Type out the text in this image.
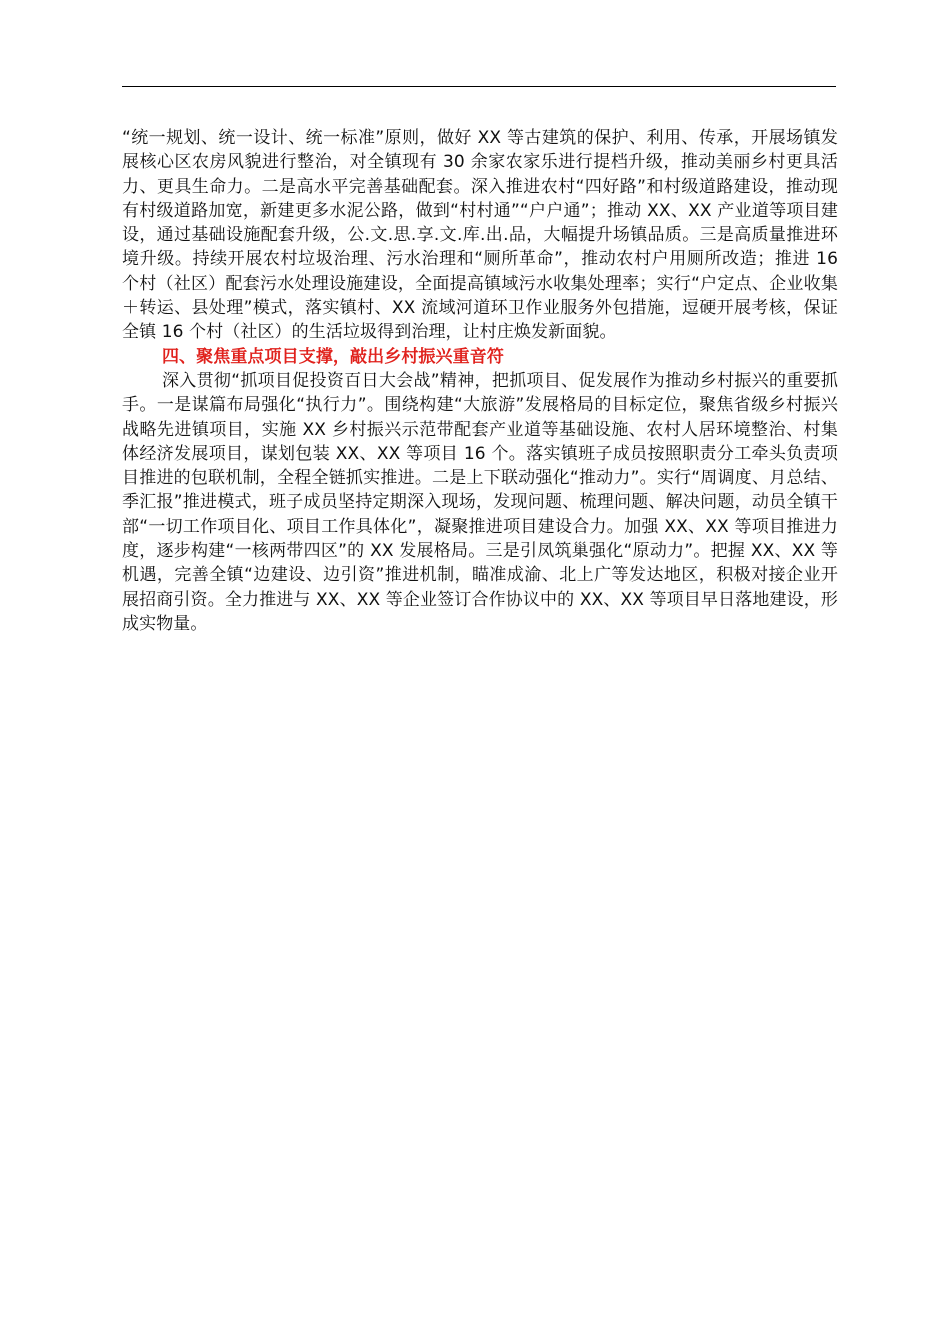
“统一规划、统一设计、统一标准”原则，做好 XX 等古建筑的保护、利用、传承，开展场镇发展核心区农房风貌进行整治，对全镇现有 30 余家农家乐进行提档升级，推动美丽乡村更具活力、更具生命力。二是高水平完善基础配套。深入推进农村“四好路”和村级道路建设，推动现有村级道路加宽，新建更多水泥公路，做到“村村通”“户户通”；推动 XX、XX 产业道等项目建设，通过基础设施配套升级，公.文.思.享.文.库.出.品，大幅提升场镇品质。三是高质量推进环境升级。持续开展农村垃圾治理、污水治理和“厕所革命”，推动农村户用厕所改造；推进 16 个村（社区）配套污水处理设施建设，全面提高镇域污水收集处理率；实行“户定点、企业收集＋转运、县处理”模式，落实镇村、XX 流域河道环卫作业服务外包措施，逗硬开展考核，保证全镇 16 个村（社区）的生活垃圾得到治理，让村庄焕发新面貌。

四、聚焦重点项目支撑，敲出乡村振兴重音符

深入贯彻“抓项目促投资百日大会战”精神，把抓项目、促发展作为推动乡村振兴的重要抓手。一是谋篇布局强化“执行力”。围绕构建“大旅游”发展格局的目标定位，聚焦省级乡村振兴战略先进镇项目，实施 XX 乡村振兴示范带配套产业道等基础设施、农村人居环境整治、村集体经济发展项目，谋划包装 XX、XX 等项目 16 个。落实镇班子成员按照职责分工牵头负责项目推进的包联机制，全程全链抓实推进。二是上下联动强化“推动力”。实行“周调度、月总结、季汇报”推进模式，班子成员坚持定期深入现场，发现问题、梳理问题、解决问题，动员全镇干部“一切工作项目化、项目工作具体化”，凝聚推进项目建设合力。加强 XX、XX 等项目推进力度，逐步构建“一核两带四区”的 XX 发展格局。三是引凤筑巢强化“原动力”。把握 XX、XX 等机遇，完善全镇“边建设、边引资”推进机制，瞄准成渝、北上广等发达地区，积极对接企业开展招商引资。全力推进与 XX、XX 等企业签订合作协议中的 XX、XX 等项目早日落地建设，形成实物量。
